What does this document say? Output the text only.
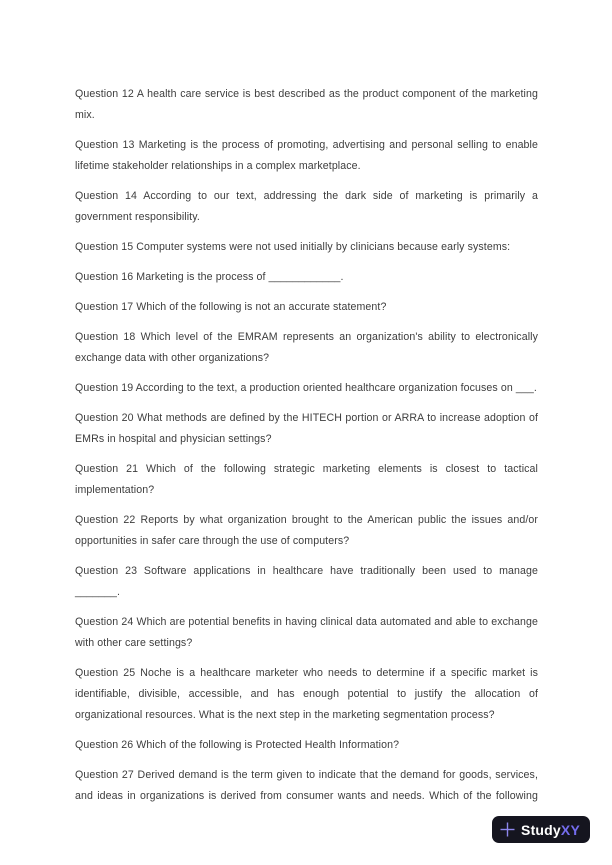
Question 12 A health care service is best described as the product component of the marketing mix.

Question 13 Marketing is the process of promoting, advertising and personal selling to enable lifetime stakeholder relationships in a complex marketplace.

Question 14 According to our text, addressing the dark side of marketing is primarily a government responsibility.

Question 15 Computer systems were not used initially by clinicians because early systems:

Question 16 Marketing is the process of ____________.

Question 17 Which of the following is not an accurate statement?

Question 18 Which level of the EMRAM represents an organization's ability to electronically exchange data with other organizations?

Question 19 According to the text, a production oriented healthcare organization focuses on ___.

Question 20 What methods are defined by the HITECH portion or ARRA to increase adoption of EMRs in hospital and physician settings?

Question 21 Which of the following strategic marketing elements is closest to tactical implementation?

Question 22 Reports by what organization brought to the American public the issues and/or opportunities in safer care through the use of computers?

Question 23 Software applications in healthcare have traditionally been used to manage _______.

Question 24 Which are potential benefits in having clinical data automated and able to exchange with other care settings?

Question 25 Noche is a healthcare marketer who needs to determine if a specific market is identifiable, divisible, accessible, and has enough potential to justify the allocation of organizational resources. What is the next step in the marketing segmentation process?

Question 26 Which of the following is Protected Health Information?

Question 27 Derived demand is the term given to indicate that the demand for goods, services, and ideas in organizations is derived from consumer wants and needs. Which of the following

StudyXY
